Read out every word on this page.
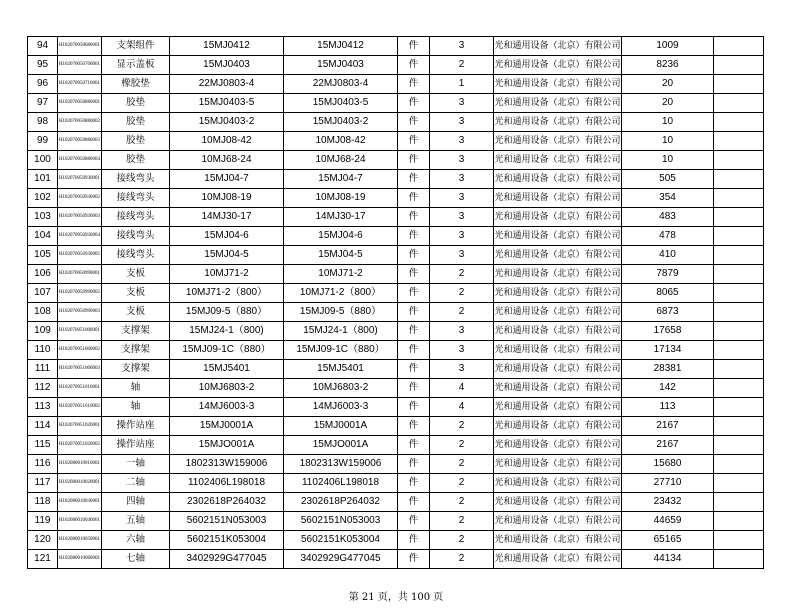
94	H102070050680001	支架组件	15MJ0412	15MJ0412	件	3	光和通用设备（北京）有限公司	1009	
95	H102070050700001	显示盖板	15MJ0403	15MJ0403	件	2	光和通用设备（北京）有限公司	8236	
96	H102070050710001	橡胶垫	22MJ0803-4	22MJ0803-4	件	1	光和通用设备（北京）有限公司	20	
97	H102070050880001	胶垫	15MJ0403-5	15MJ0403-5	件	3	光和通用设备（北京）有限公司	20	
98	H102070050880002	胶垫	15MJ0403-2	15MJ0403-2	件	3	光和通用设备（北京）有限公司	10	
99	H102070050880003	胶垫	10MJ08-42	10MJ08-42	件	3	光和通用设备（北京）有限公司	10	
100	H102070050880004	胶垫	10MJ68-24	10MJ68-24	件	3	光和通用设备（北京）有限公司	10	
101	H102070050930001	接线弯头	15MJ04-7	15MJ04-7	件	3	光和通用设备（北京）有限公司	505	
102	H102070050930002	接线弯头	10MJ08-19	10MJ08-19	件	3	光和通用设备（北京）有限公司	354	
103	H102070050930003	接线弯头	14MJ30-17	14MJ30-17	件	3	光和通用设备（北京）有限公司	483	
104	H102070050930004	接线弯头	15MJ04-6	15MJ04-6	件	3	光和通用设备（北京）有限公司	478	
105	H102070050930005	接线弯头	15MJ04-5	15MJ04-5	件	3	光和通用设备（北京）有限公司	410	
106	H102070050990001	支板	10MJ71-2	10MJ71-2	件	2	光和通用设备（北京）有限公司	7879	
107	H102070050990002	支板	10MJ71-2（800）	10MJ71-2（800）	件	2	光和通用设备（北京）有限公司	8065	
108	H102070050990003	支板	15MJ09-5（880）	15MJ09-5（880）	件	2	光和通用设备（北京）有限公司	6873	
109	H102070051000001	支撑架	15MJ24-1（800)	15MJ24-1（800)	件	3	光和通用设备（北京）有限公司	17658	
110	H102070051000002	支撑架	15MJ09-1C（880）	15MJ09-1C（880）	件	3	光和通用设备（北京）有限公司	17134	
111	H102070051000003	支撑架	15MJ5401	15MJ5401	件	3	光和通用设备（北京）有限公司	28381	
112	H102070051010001	轴	10MJ6803-2	10MJ6803-2	件	4	光和通用设备（北京）有限公司	142	
113	H102070051010002	轴	14MJ6003-3	14MJ6003-3	件	4	光和通用设备（北京）有限公司	113	
114	H102070051020001	操作站座	15MJ0001A	15MJ0001A	件	2	光和通用设备（北京）有限公司	2167	
115	H102070051020002	操作站座	15MJO001A	15MJO001A	件	2	光和通用设备（北京）有限公司	2167	
116	H102080010010001	一轴	1802313W159006	1802313W159006	件	2	光和通用设备（北京）有限公司	15680	
117	H102080010020001	二轴	1102406L198018	1102406L198018	件	2	光和通用设备（北京）有限公司	27710	
118	H102080010030001	四轴	2302618P264032	2302618P264032	件	2	光和通用设备（北京）有限公司	23432	
119	H102080010040001	五轴	5602151N053003	5602151N053003	件	2	光和通用设备（北京）有限公司	44659	
120	H102080010050001	六轴	5602151K053004	5602151K053004	件	2	光和通用设备（北京）有限公司	65165	
121	H102080010060001	七轴	3402929G477045	3402929G477045	件	2	光和通用设备（北京）有限公司	44134	
第 21 页，共 100 页
